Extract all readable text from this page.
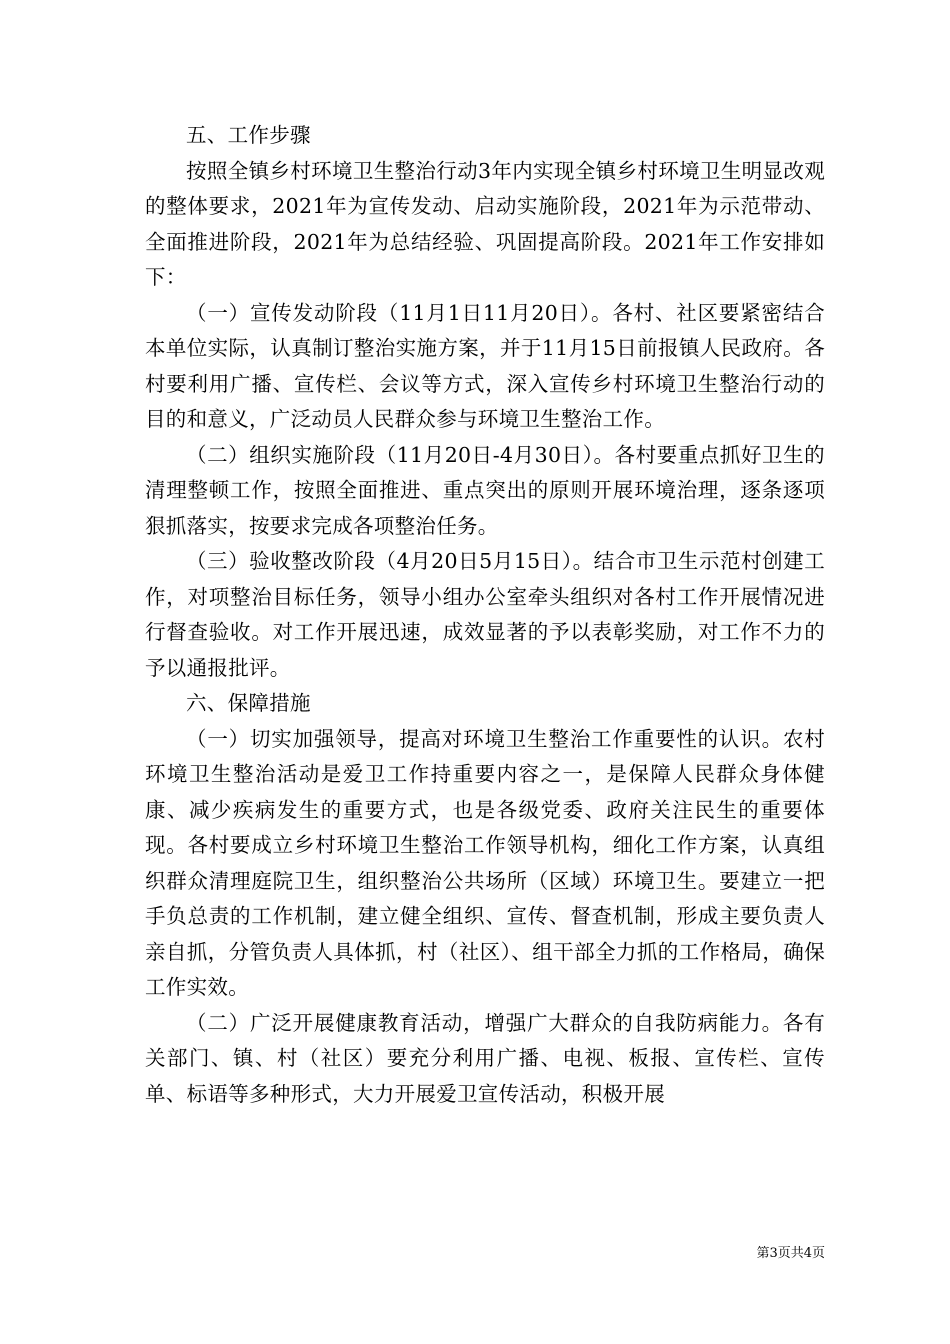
五、工作步骤

按照全镇乡村环境卫生整治行动3年内实现全镇乡村环境卫生明显改观的整体要求，2021年为宣传发动、启动实施阶段，2021年为示范带动、全面推进阶段，2021年为总结经验、巩固提高阶段。2021年工作安排如下：

（一）宣传发动阶段（11月1日11月20日）。各村、社区要紧密结合本单位实际，认真制订整治实施方案，并于11月15日前报镇人民政府。各村要利用广播、宣传栏、会议等方式，深入宣传乡村环境卫生整治行动的目的和意义，广泛动员人民群众参与环境卫生整治工作。

（二）组织实施阶段（11月20日-4月30日）。各村要重点抓好卫生的清理整顿工作，按照全面推进、重点突出的原则开展环境治理，逐条逐项狠抓落实，按要求完成各项整治任务。

（三）验收整改阶段（4月20日5月15日）。结合市卫生示范村创建工作，对项整治目标任务，领导小组办公室牵头组织对各村工作开展情况进行督查验收。对工作开展迅速，成效显著的予以表彰奖励，对工作不力的予以通报批评。

六、保障措施

（一）切实加强领导，提高对环境卫生整治工作重要性的认识。农村环境卫生整治活动是爱卫工作持重要内容之一，是保障人民群众身体健康、减少疾病发生的重要方式，也是各级党委、政府关注民生的重要体现。各村要成立乡村环境卫生整治工作领导机构，细化工作方案，认真组织群众清理庭院卫生，组织整治公共场所（区域）环境卫生。要建立一把手负总责的工作机制，建立健全组织、宣传、督查机制，形成主要负责人亲自抓，分管负责人具体抓，村（社区）、组干部全力抓的工作格局，确保工作实效。

（二）广泛开展健康教育活动，增强广大群众的自我防病能力。各有关部门、镇、村（社区）要充分利用广播、电视、板报、宣传栏、宣传单、标语等多种形式，大力开展爱卫宣传活动，积极开展

第3页共4页
